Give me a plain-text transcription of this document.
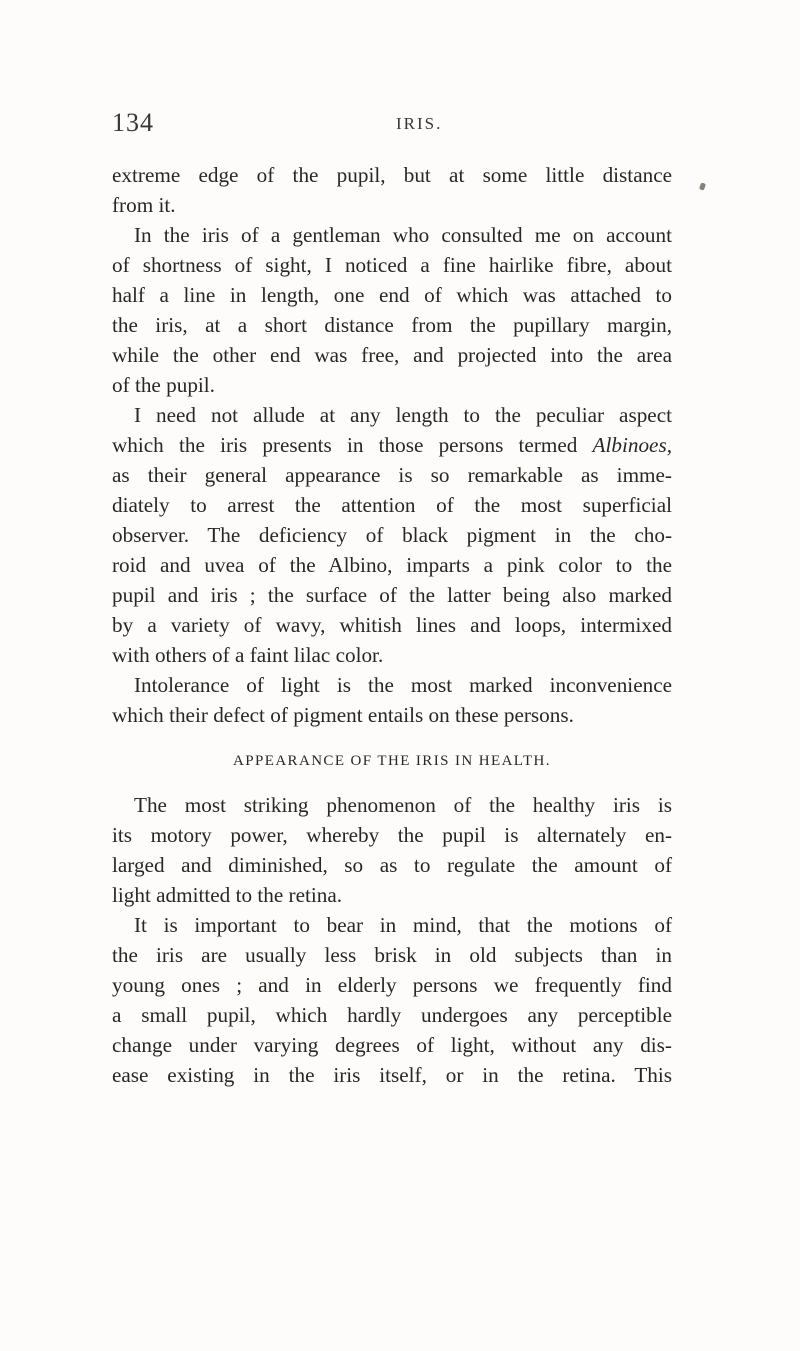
134	IRIS.
extreme edge of the pupil, but at some little distance
from it.
In the iris of a gentleman who consulted me on account
of shortness of sight, I noticed a fine hairlike fibre, about
half a line in length, one end of which was attached to
the iris, at a short distance from the pupillary margin,
while the other end was free, and projected into the area
of the pupil.
I need not allude at any length to the peculiar aspect
which the iris presents in those persons termed Albinoes,
as their general appearance is so remarkable as imme-
diately to arrest the attention of the most superficial
observer. The deficiency of black pigment in the cho-
roid and uvea of the Albino, imparts a pink color to the
pupil and iris ; the surface of the latter being also marked
by a variety of wavy, whitish lines and loops, intermixed
with others of a faint lilac color.
Intolerance of light is the most marked inconvenience
which their defect of pigment entails on these persons.
APPEARANCE OF THE IRIS IN HEALTH.
The most striking phenomenon of the healthy iris is
its motory power, whereby the pupil is alternately en-
larged and diminished, so as to regulate the amount of
light admitted to the retina.
It is important to bear in mind, that the motions of
the iris are usually less brisk in old subjects than in
young ones ; and in elderly persons we frequently find
a small pupil, which hardly undergoes any perceptible
change under varying degrees of light, without any dis-
ease existing in the iris itself, or in the retina. This
